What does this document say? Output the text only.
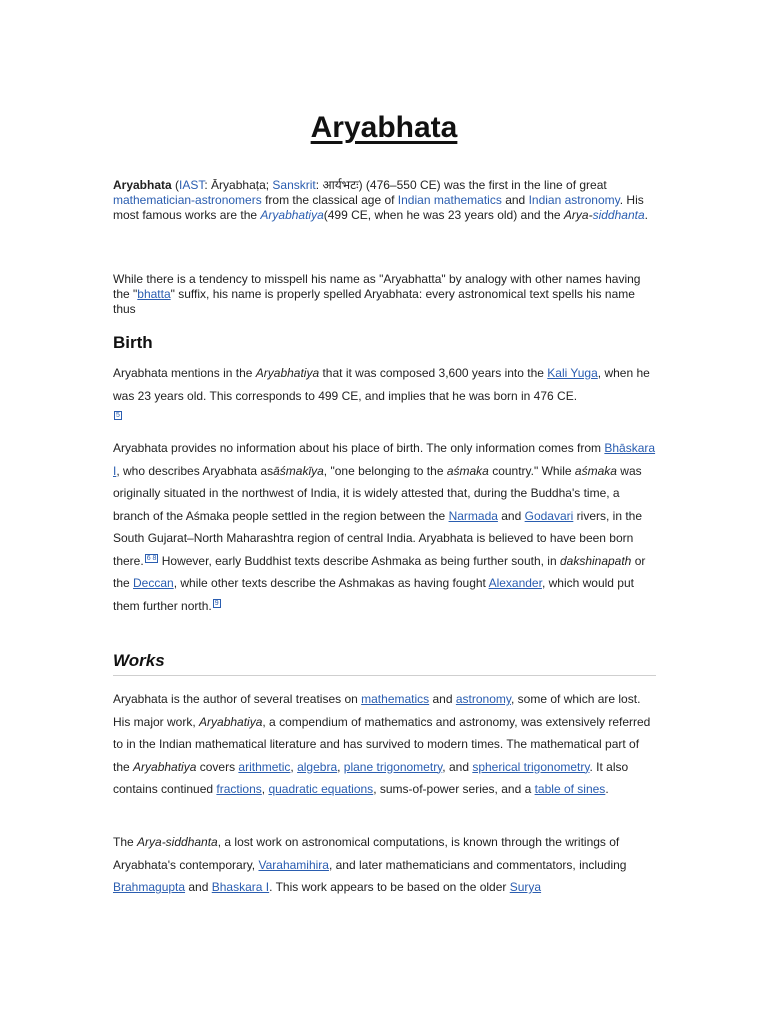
Aryabhata
Aryabhata (IAST: Āryabhaṭa; Sanskrit: आर्यभटः) (476–550 CE) was the first in the line of great mathematician-astronomers from the classical age of Indian mathematics and Indian astronomy. His most famous works are the Aryabhatiya(499 CE, when he was 23 years old) and the Arya-siddhanta.
While there is a tendency to misspell his name as "Aryabhatta" by analogy with other names having the "bhatta" suffix, his name is properly spelled Aryabhata: every astronomical text spells his name thus
Birth
Aryabhata mentions in the Aryabhatiya that it was composed 3,600 years into the Kali Yuga, when he was 23 years old. This corresponds to 499 CE, and implies that he was born in 476 CE.
5
Aryabhata provides no information about his place of birth. The only information comes from Bhāskara I, who describes Aryabhata asāśmakīya, "one belonging to the aśmaka country." While aśmaka was originally situated in the northwest of India, it is widely attested that, during the Buddha's time, a branch of the Aśmaka people settled in the region between the Narmada and Godavari rivers, in the South Gujarat–North Maharashtra region of central India. Aryabhata is believed to have been born there. 6 8 However, early Buddhist texts describe Ashmaka as being further south, in dakshinapath or the Deccan, while other texts describe the Ashmakas as having fought Alexander, which would put them further north. 9
Works
Aryabhata is the author of several treatises on mathematics and astronomy, some of which are lost. His major work, Aryabhatiya, a compendium of mathematics and astronomy, was extensively referred to in the Indian mathematical literature and has survived to modern times. The mathematical part of the Aryabhatiya covers arithmetic, algebra, plane trigonometry, and spherical trigonometry. It also contains continued fractions, quadratic equations, sums-of-power series, and a table of sines.
The Arya-siddhanta, a lost work on astronomical computations, is known through the writings of Aryabhata's contemporary, Varahamihira, and later mathematicians and commentators, including Brahmagupta and Bhaskara I. This work appears to be based on the older Surya
